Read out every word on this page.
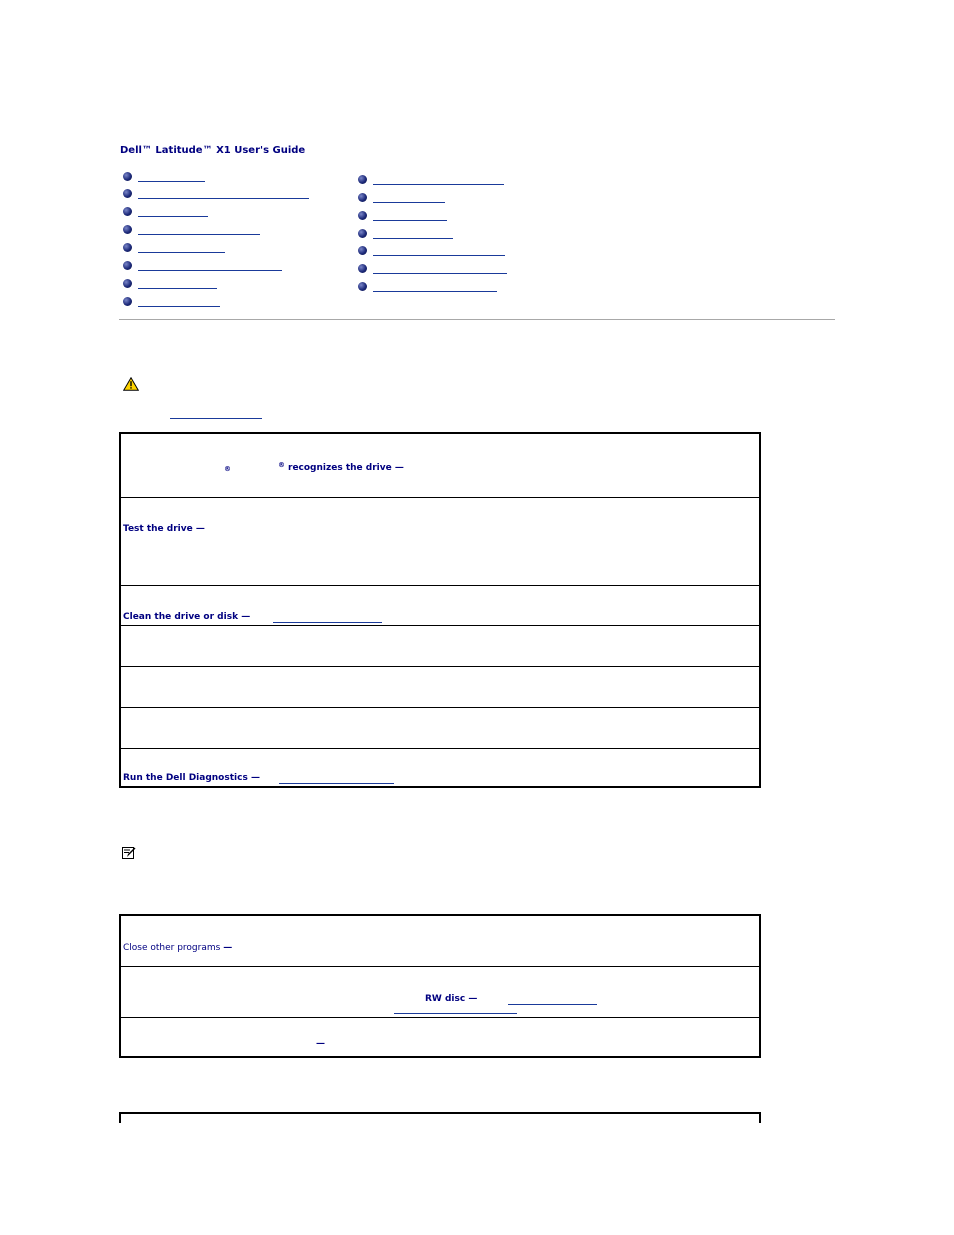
Dell™ Latitude™ X1 User's Guide
®	® recognizes the drive —
Test the drive —
Clean the drive or disk —
Run the Dell Diagnostics —
Close other programs —
RW disc —
—
